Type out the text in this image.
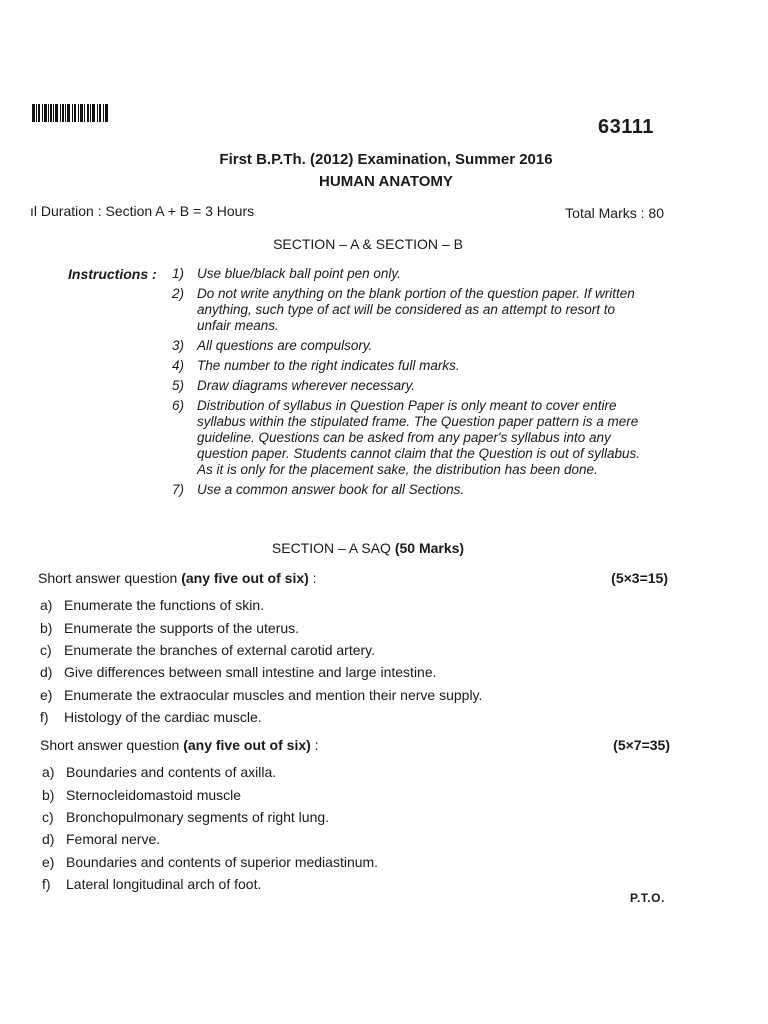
63111
First B.P.Th. (2012) Examination, Summer 2016
HUMAN ANATOMY
ıl Duration : Section A + B = 3 Hours	Total Marks : 80
SECTION – A & SECTION – B
Instructions : 1) Use blue/black ball point pen only.
2) Do not write anything on the blank portion of the question paper. If written anything, such type of act will be considered as an attempt to resort to unfair means.
3) All questions are compulsory.
4) The number to the right indicates full marks.
5) Draw diagrams wherever necessary.
6) Distribution of syllabus in Question Paper is only meant to cover entire syllabus within the stipulated frame. The Question paper pattern is a mere guideline. Questions can be asked from any paper's syllabus into any question paper. Students cannot claim that the Question is out of syllabus. As it is only for the placement sake, the distribution has been done.
7) Use a common answer book for all Sections.
SECTION – A SAQ (50 Marks)
Short answer question (any five out of six) :	(5×3=15)
a) Enumerate the functions of skin.
b) Enumerate the supports of the uterus.
c) Enumerate the branches of external carotid artery.
d) Give differences between small intestine and large intestine.
e) Enumerate the extraocular muscles and mention their nerve supply.
f)	Histology of the cardiac muscle.
Short answer question (any five out of six) :	(5×7=35)
a) Boundaries and contents of axilla.
b) Sternocleidomastoid muscle
c) Bronchopulmonary segments of right lung.
d) Femoral nerve.
e) Boundaries and contents of superior mediastinum.
f)	Lateral longitudinal arch of foot.
P.T.O.
